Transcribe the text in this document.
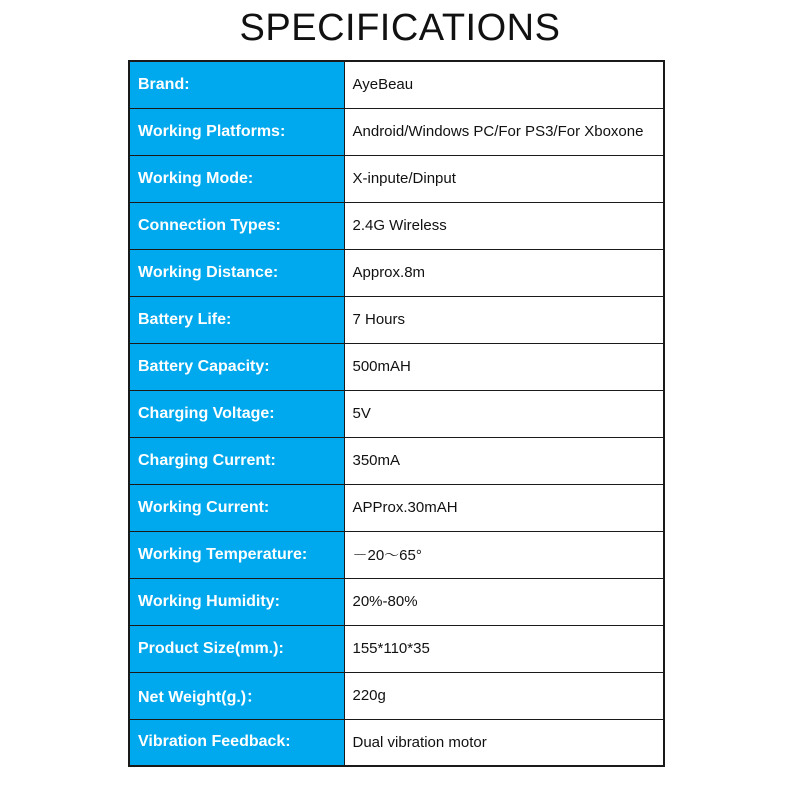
SPECIFICATIONS
Brand:	AyeBeau
Working Platforms:	Android/Windows PC/For PS3/For Xboxone
Working Mode:	X-inpute/Dinput
Connection Types:	2.4G Wireless
Working Distance:	Approx.8m
Battery Life:	7 Hours
Battery Capacity:	500mAH
Charging Voltage:	5V
Charging Current:	350mA
Working Current:	APProx.30mAH
Working Temperature:	－20～65°
Working Humidity:	20%-80%
Product Size(mm.):	155*110*35
Net Weight(g.)：	220g
Vibration Feedback:	Dual vibration motor
